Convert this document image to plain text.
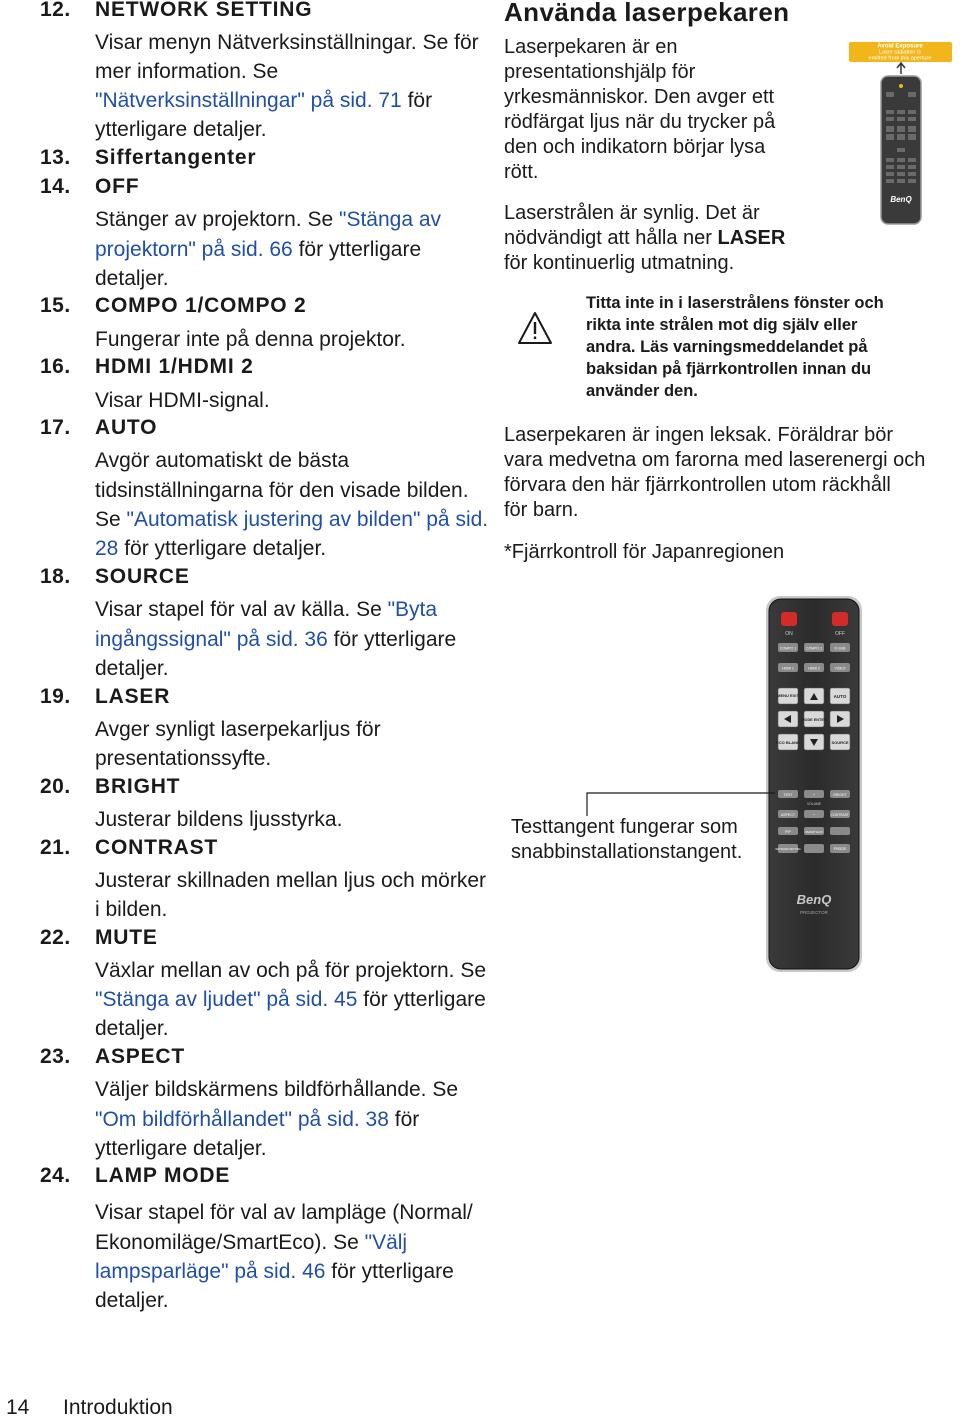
12. NETWORK SETTING
Visar menyn Nätverksinställningar. Se för
mer information. Se
"Nätverksinställningar" på sid. 71 för
ytterligare detaljer.
13. Siffertangenter
14. OFF
Stänger av projektorn. Se "Stänga av
projektorn" på sid. 66 för ytterligare
detaljer.
15. COMPO 1/COMPO 2
Fungerar inte på denna projektor.
16. HDMI 1/HDMI 2
Visar HDMI-signal.
17. AUTO
Avgör automatiskt de bästa
tidsinställningarna för den visade bilden.
Se "Automatisk justering av bilden" på sid.
28 för ytterligare detaljer.
18. SOURCE
Visar stapel för val av källa. Se "Byta
ingångssignal" på sid. 36 för ytterligare
detaljer.
19. LASER
Avger synligt laserpekarljus för
presentationssyfte.
20. BRIGHT
Justerar bildens ljusstyrka.
21. CONTRAST
Justerar skillnaden mellan ljus och mörker
i bilden.
22. MUTE
Växlar mellan av och på för projektorn. Se
"Stänga av ljudet" på sid. 45 för ytterligare
detaljer.
23. ASPECT
Väljer bildskärmens bildförhållande. Se
"Om bildförhållandet" på sid. 38 för
ytterligare detaljer.
24. LAMP MODE
Visar stapel för val av lampläge (Normal/
Ekonomiläge/SmartEco). Se "Välj
lampsparläge" på sid. 46 för ytterligare
detaljer.
Använda laserpekaren
Laserpekaren är en
presentationshjälp för
yrkesmänniskor. Den avger ett
rödfärgat ljus när du trycker på
den och indikatorn börjar lysa
rött.
Laserstrålen är synlig. Det är
nödvändigt att hålla ner LASER
för kontinuerlig utmatning.
Titta inte in i laserstrålens fönster och
rikta inte strålen mot dig själv eller
andra. Läs varningsmeddelandet på
baksidan på fjärrkontrollen innan du
använder den.
Laserpekaren är ingen leksak. Föräldrar bör
vara medvetna om farorna med laserenergi och
förvara den här fjärrkontrollen utom räckhåll
för barn.
*Fjärrkontroll för Japanregionen
Avoid Exposure
Laser radiation is
emitted from this aperture
BenQ
ON	OFF
COMPO 1	COMPO 2	D-SUB
HDMI 1	HDMI 2	VIDEO
MENU EXIT	AUTO
MODE ENTER
ECO BLANK	SOURCE
TEST	+	BRIGHT
VOLUME
ASPECT	−	CONTRAST
PIP	SMART ECO
NETWORK SETTING	FREEZE
BenQ
PROJECTOR
Testtangent fungerar som
snabbinstallationstangent.
14 Introduktion
